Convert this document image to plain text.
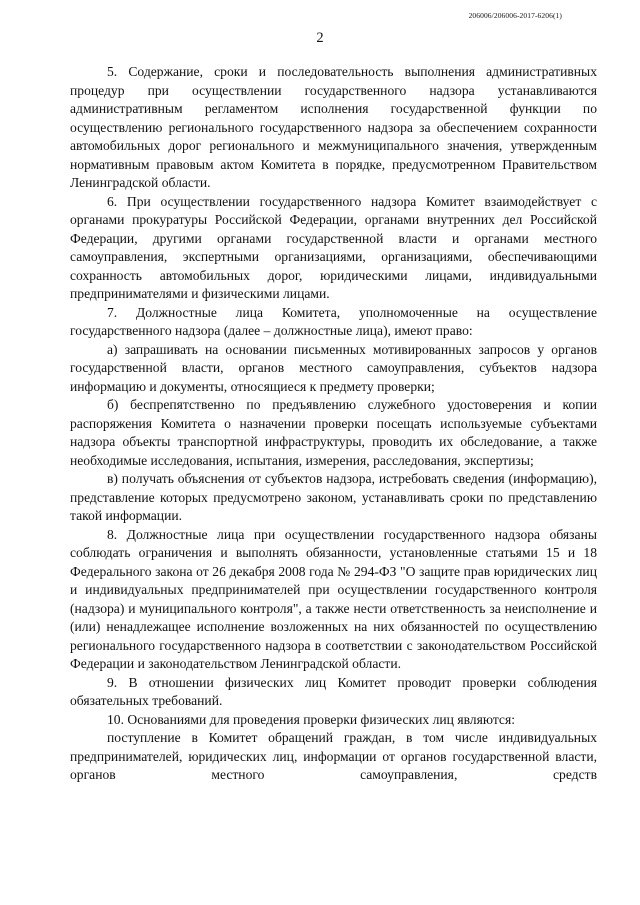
206006/206006-2017-6206(1)
2

5. Содержание, сроки и последовательность выполнения административных процедур при осуществлении государственного надзора устанавливаются административным регламентом исполнения государственной функции по осуществлению регионального государственного надзора за обеспечением сохранности автомобильных дорог регионального и межмуниципального значения, утвержденным нормативным правовым актом Комитета в порядке, предусмотренном Правительством Ленинградской области.

6. При осуществлении государственного надзора Комитет взаимодействует с органами прокуратуры Российской Федерации, органами внутренних дел Российской Федерации, другими органами государственной власти и органами местного самоуправления, экспертными организациями, организациями, обеспечивающими сохранность автомобильных дорог, юридическими лицами, индивидуальными предпринимателями и физическими лицами.

7. Должностные лица Комитета, уполномоченные на осуществление государственного надзора (далее – должностные лица), имеют право:

а) запрашивать на основании письменных мотивированных запросов у органов государственной власти, органов местного самоуправления, субъектов надзора информацию и документы, относящиеся к предмету проверки;

б) беспрепятственно по предъявлению служебного удостоверения и копии распоряжения Комитета о назначении проверки посещать используемые субъектами надзора объекты транспортной инфраструктуры, проводить их обследование, а также необходимые исследования, испытания, измерения, расследования, экспертизы;

в) получать объяснения от субъектов надзора, истребовать сведения (информацию), представление которых предусмотрено законом, устанавливать сроки по представлению такой информации.

8. Должностные лица при осуществлении государственного надзора обязаны соблюдать ограничения и выполнять обязанности, установленные статьями 15 и 18 Федерального закона от 26 декабря 2008 года № 294-ФЗ "О защите прав юридических лиц и индивидуальных предпринимателей при осуществлении государственного контроля (надзора) и муниципального контроля", а также нести ответственность за неисполнение и (или) ненадлежащее исполнение возложенных на них обязанностей по осуществлению регионального государственного надзора в соответствии с законодательством Российской Федерации и законодательством Ленинградской области.

9. В отношении физических лиц Комитет проводит проверки соблюдения обязательных требований.

10. Основаниями для проведения проверки физических лиц являются:

поступление в Комитет обращений граждан, в том числе индивидуальных предпринимателей, юридических лиц, информации от органов государственной власти, органов местного самоуправления, средств
